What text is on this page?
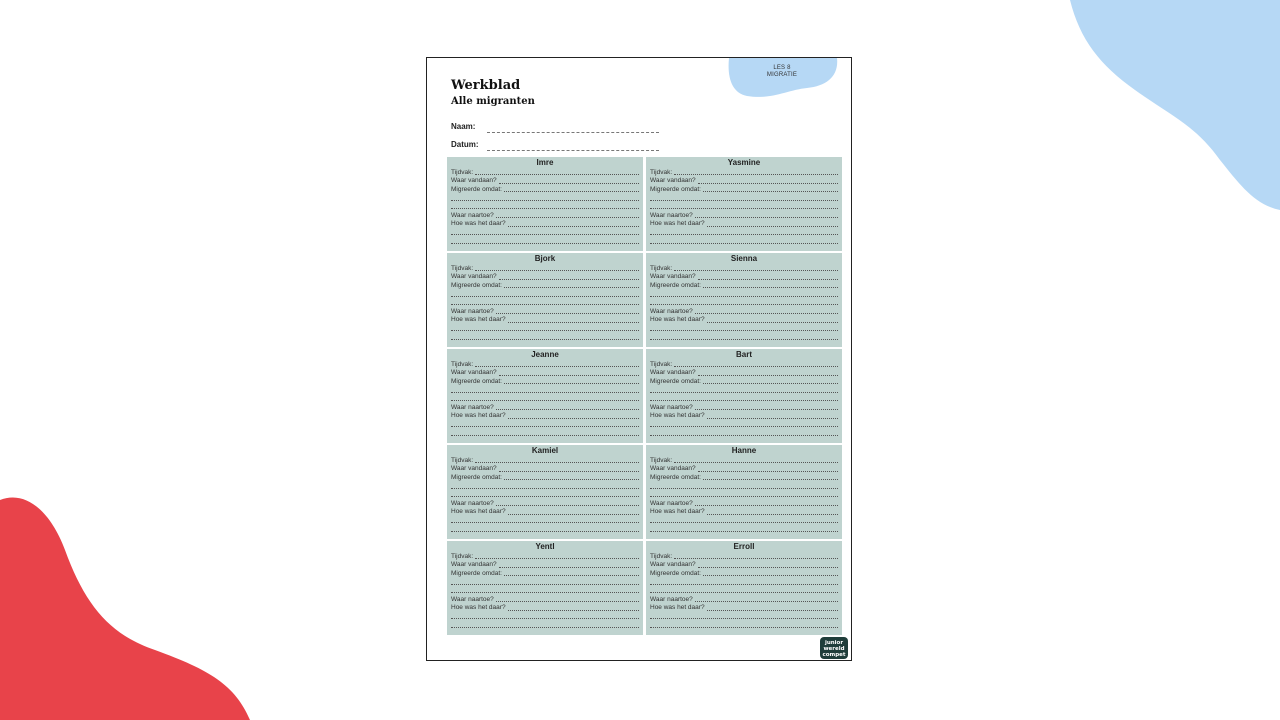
LES 8
MIGRATIE
Werkblad
Alle migranten
Naam:
Datum:
Imre
Tijdvak:
Waar vandaan?
Migreerde omdat:
Waar naartoe?
Hoe was het daar?
Yasmine
Tijdvak:
Waar vandaan?
Migreerde omdat:
Waar naartoe?
Hoe was het daar?
Bjork
Tijdvak:
Waar vandaan?
Migreerde omdat:
Waar naartoe?
Hoe was het daar?
Sienna
Tijdvak:
Waar vandaan?
Migreerde omdat:
Waar naartoe?
Hoe was het daar?
Jeanne
Tijdvak:
Waar vandaan?
Migreerde omdat:
Waar naartoe?
Hoe was het daar?
Bart
Tijdvak:
Waar vandaan?
Migreerde omdat:
Waar naartoe?
Hoe was het daar?
Kamiel
Tijdvak:
Waar vandaan?
Migreerde omdat:
Waar naartoe?
Hoe was het daar?
Hanne
Tijdvak:
Waar vandaan?
Migreerde omdat:
Waar naartoe?
Hoe was het daar?
Yentl
Tijdvak:
Waar vandaan?
Migreerde omdat:
Waar naartoe?
Hoe was het daar?
Erroll
Tijdvak:
Waar vandaan?
Migreerde omdat:
Waar naartoe?
Hoe was het daar?
junior
wereld
compet
